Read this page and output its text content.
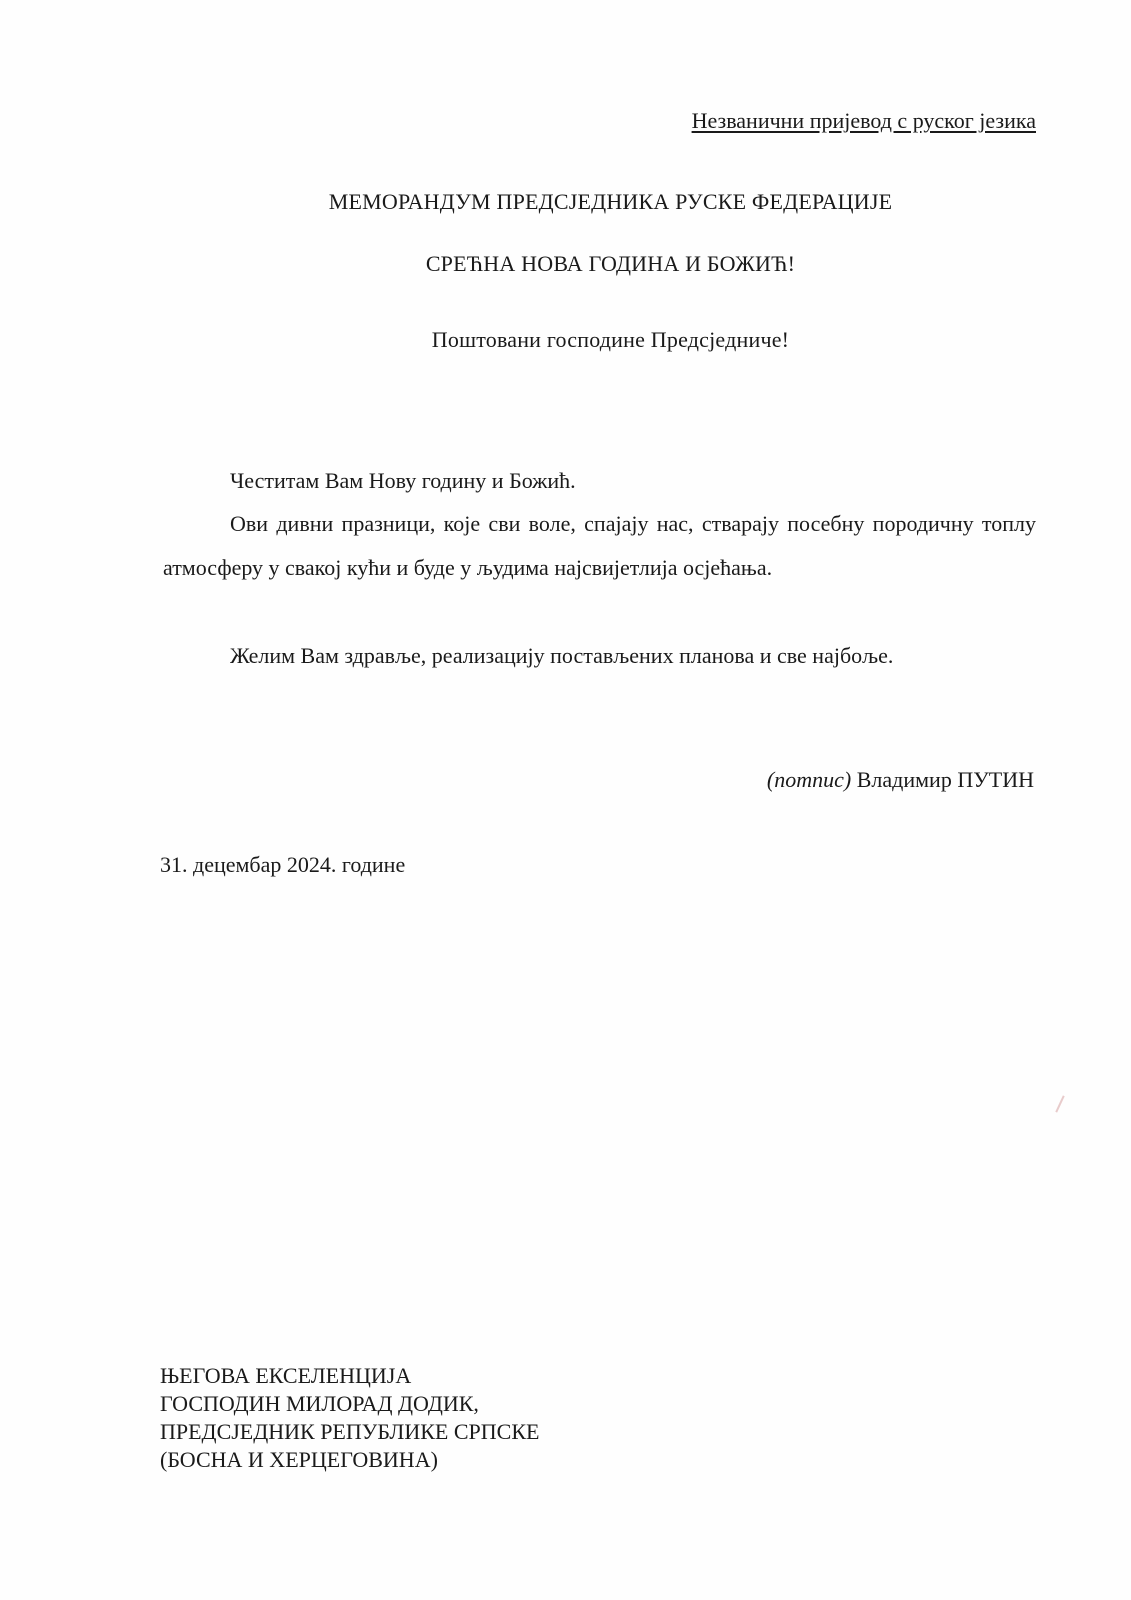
Незванични пријевод с руског језика
МЕМОРАНДУМ ПРЕДСЈЕДНИКА РУСКЕ ФЕДЕРАЦИЈЕ
СРЕЋНА НОВА ГОДИНА И БОЖИЋ!
Поштовани господине Предсједниче!
Честитам Вам Нову годину и Божић.
Ови дивни празници, које сви воле, спајају нас, стварају посебну породичну топлу атмосферу у свакој кући и буде у људима најсвијетлија осјећања.
Желим Вам здравље, реализацију постављених планова и све најбоље.
(потпис) Владимир ПУТИН
31. децембар 2024. године
ЊЕГОВА ЕКСЕЛЕНЦИЈА
ГОСПОДИН МИЛОРАД ДОДИК,
ПРЕДСЈЕДНИК РЕПУБЛИКЕ СРПСКЕ
(БОСНА И ХЕРЦЕГОВИНА)
